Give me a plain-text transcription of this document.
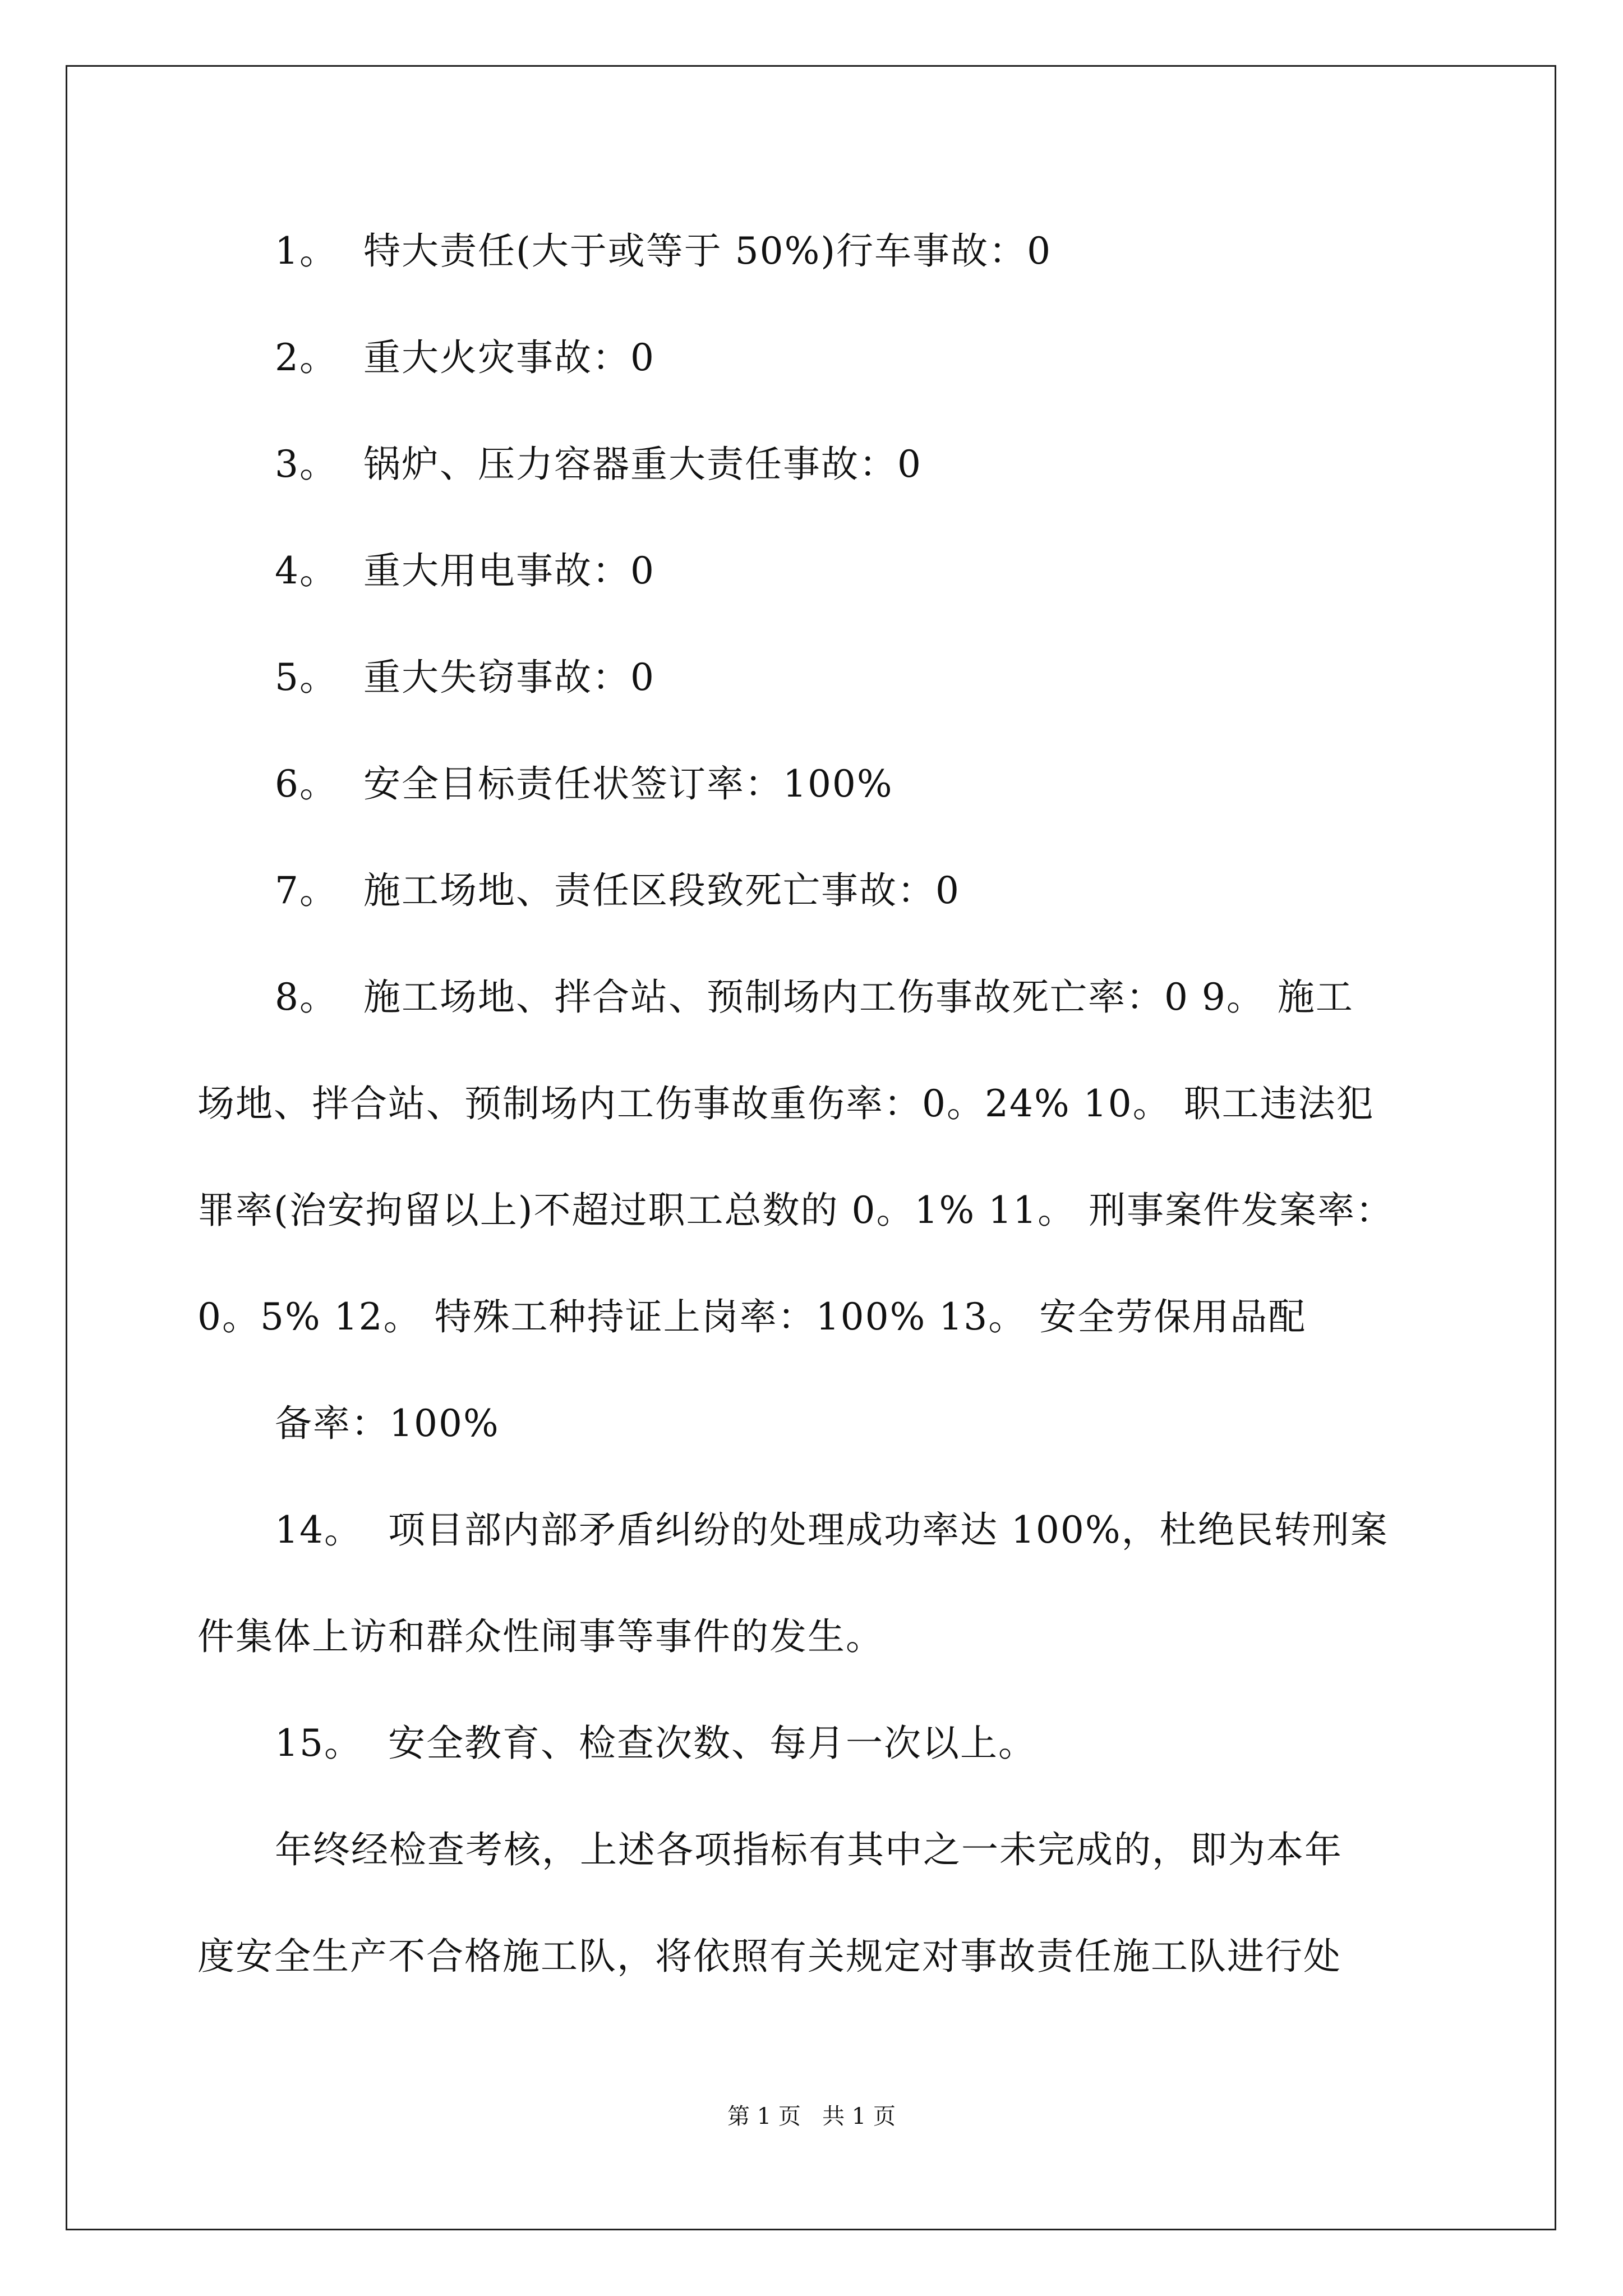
1。  特大责任(大于或等于 50%)行车事故：0
2。  重大火灾事故：0
3。  锅炉、压力容器重大责任事故：0
4。  重大用电事故：0
5。  重大失窃事故：0
6。  安全目标责任状签订率：100%
7。  施工场地、责任区段致死亡事故：0
8。  施工场地、拌合站、预制场内工伤事故死亡率：0 9。 施工
场地、拌合站、预制场内工伤事故重伤率：0。24% 10。 职工违法犯
罪率(治安拘留以上)不超过职工总数的 0。1% 11。 刑事案件发案率：
0。5% 12。 特殊工种持证上岗率：100% 13。 安全劳保用品配
备率：100%
14。  项目部内部矛盾纠纷的处理成功率达 100%，杜绝民转刑案
件集体上访和群众性闹事等事件的发生。
15。  安全教育、检查次数、每月一次以上。
年终经检查考核，上述各项指标有其中之一未完成的，即为本年
度安全生产不合格施工队，将依照有关规定对事故责任施工队进行处
第 1 页   共 1 页
